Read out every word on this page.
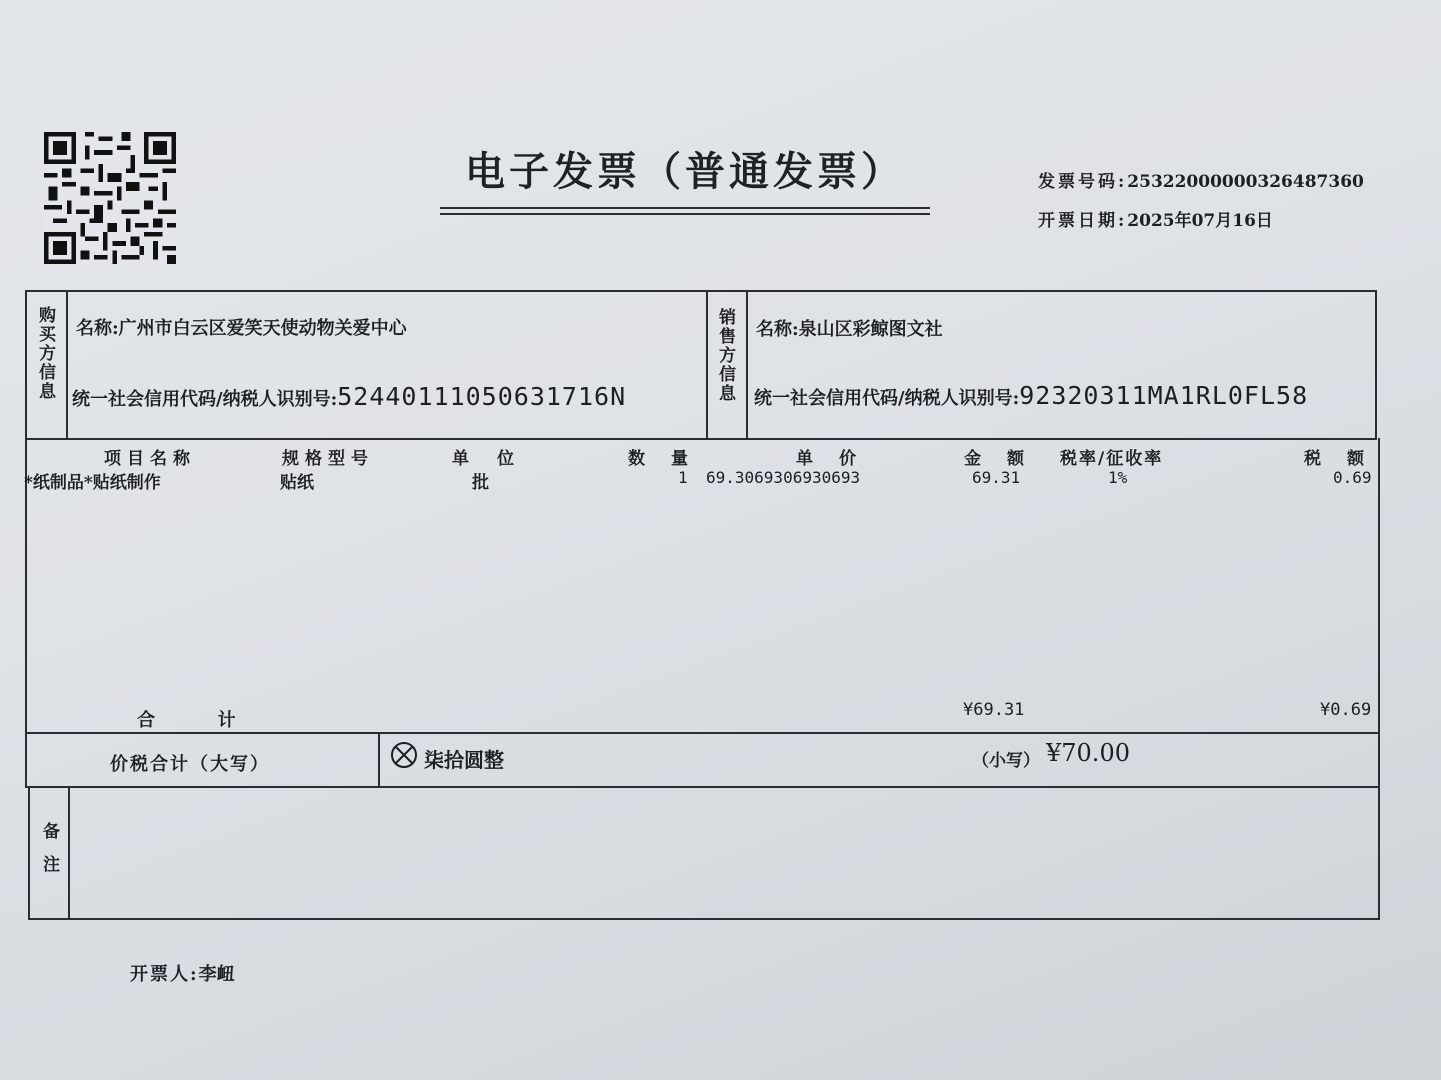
电子发票（普通发票）	发票号码:25322000000326487360
开票日期:2025年07月16日
购买方信息 名称:广州市白云区爱笑天使动物关爱中心
统一社会信用代码/纳税人识别号:52440111050631716N	销售方信息 名称:泉山区彩鲸图文社
统一社会信用代码/纳税人识别号:92320311MA1RL0FL58
项目名称	规格型号	单位	数量	单价	金额 税率/征收率	税额
*纸制品*贴纸制作	贴纸	批	1 69.3069306930693	69.31	1%	0.69
合          计	¥69.31	¥0.69
价税合计（大写）	柒拾圆整	（小写） ¥70.00
备注
开票人:李衄
